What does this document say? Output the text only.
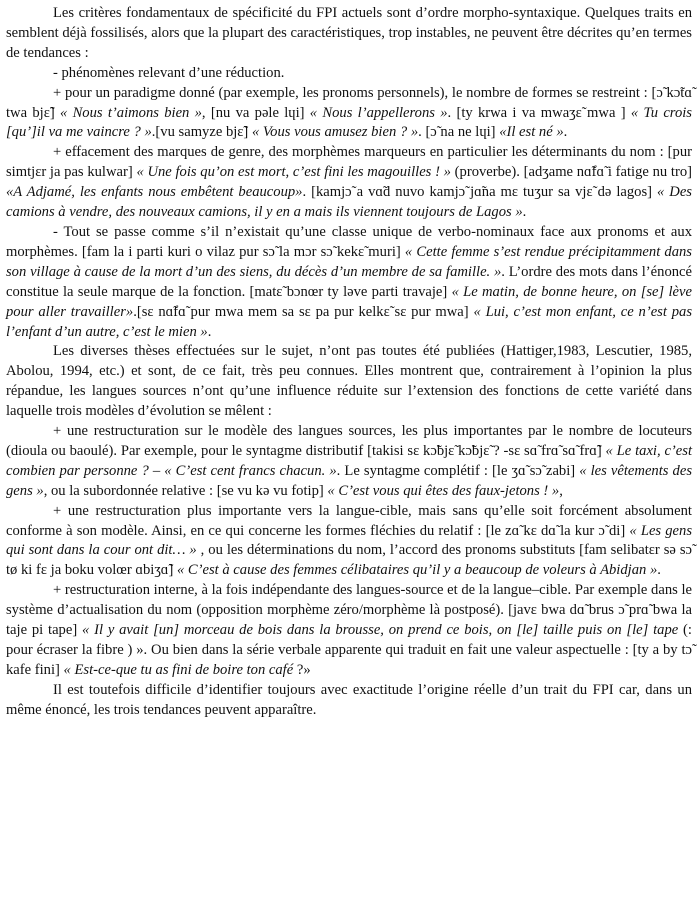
Les critères fondamentaux de spécificité du FPI actuels sont d’ordre morpho-syntaxique. Quelques traits en semblent déjà fossilisés, alors que la plupart des caractéristiques, trop instables, ne peuvent être décrites qu’en termes de tendances :

- phénomènes relevant d’une réduction.

+ pour un paradigme donné (par exemple, les pronoms personnels), le nombre de formes se restreint : [ɔ̃ kɔ̃tɑ̃ twa bjɛ̃] « Nous t’aimons bien », [nu va pəle lɥi] « Nous l’appellerons ». [ty krwa i va mwaʒɛ̃ mwa ] « Tu crois [qu’]il va me vaincre ? ».[vu samyze bjɛ̃] « Vous vous amusez bien ? ». [ɔ̃ na ne lɥi] «Il est né ».

+ effacement des marques de genre, des morphèmes marqueurs en particulier les déterminants du nom : [pur simtjɛr ja pas kulwar] « Une fois qu’on est mort, c’est fini les magouilles ! » (proverbe). [adʒame nɑ̃fɑ̃ i fatige nu tro] «A Adjamé, les enfants nous embêtent beaucoup». [kamjɔ̃ a vɑ̃d nuvo kamjɔ̃ jɑ̃na mɛ tuʒur sa vjɛ̃ də lagos] « Des camions à vendre, des nouveaux camions, il y en a mais ils viennent toujours de Lagos ».

- Tout se passe comme s’il n’existait qu’une classe unique de verbo-nominaux face aux pronoms et aux morphèmes. [fam la i parti kuri o vilaz pur sɔ̃ la mɔr sɔ̃ kekɛ̃ muri] « Cette femme s’est rendue précipitamment dans son village à cause de la mort d’un des siens, du décès d’un membre de sa famille. ». L’ordre des mots dans l’énoncé constitue la seule marque de la fonction. [matɛ̃ bɔnœr ty ləve parti travaje] « Le matin, de bonne heure, on [se] lève pour aller travailler».[sɛ nɑ̃fɑ̃ pur mwa mem sa sɛ pa pur kelkɛ̃ sɛ pur mwa] « Lui, c’est mon enfant, ce n’est pas l’enfant d’un autre, c’est le mien ».

Les diverses thèses effectuées sur le sujet, n’ont pas toutes été publiées (Hattiger,1983, Lescutier, 1985, Abolou, 1994, etc.) et sont, de ce fait, très peu connues. Elles montrent que, contrairement à l’opinion la plus répandue, les langues sources n’ont qu’une influence réduite sur l’extension des fonctions de cette variété dans laquelle trois modèles d’évolution se mêlent :

+ une restructuration sur le modèle des langues sources, les plus importantes par le nombre de locuteurs (dioula ou baoulé). Par exemple, pour le syntagme distributif [takisi sɛ kɔ̃bjɛ̃ kɔ̃bjɛ̃ ? -sɛ sɑ̃ frɑ̃ sɑ̃ frɑ̃] « Le taxi, c’est combien par personne ? – « C’est cent francs chacun. ». Le syntagme complétif : [le ʒɑ̃ sɔ̃ zabi] « les vêtements des gens », ou la subordonnée relative : [se vu kə vu fotip] « C’est vous qui êtes des faux-jetons ! »,

+ une restructuration plus importante vers la langue-cible, mais sans qu’elle soit forcément absolument conforme à son modèle. Ainsi, en ce qui concerne les formes fléchies du relatif : [le zɑ̃ kɛ dɑ̃ la kur ɔ̃ di] « Les gens qui sont dans la cour ont dit… » , ou les déterminations du nom, l’accord des pronoms substituts [fam selibatɛr sə sɔ̃ tø ki fɛ ja boku volœr ɑbiʒɑ̃] « C’est à cause des femmes célibataires qu’il y a beaucoup de voleurs à Abidjan ».

+ restructuration interne, à la fois indépendante des langues-source et de la langue–cible. Par exemple dans le système d’actualisation du nom (opposition morphème zéro/morphème là postposé). [javɛ bwa dɑ̃ brus ɔ̃ prɑ̃ bwa la taje pi tape] « Il y avait [un] morceau de bois dans la brousse, on prend ce bois, on [le] taille puis on [le] tape (: pour écraser la fibre ) ». Ou bien dans la série verbale apparente qui traduit en fait une valeur aspectuelle : [ty a by tɔ̃ kafe fini] « Est-ce-que tu as fini de boire ton café ?»

Il est toutefois difficile d’identifier toujours avec exactitude l’origine réelle d’un trait du FPI car, dans un même énoncé, les trois tendances peuvent apparaître.
